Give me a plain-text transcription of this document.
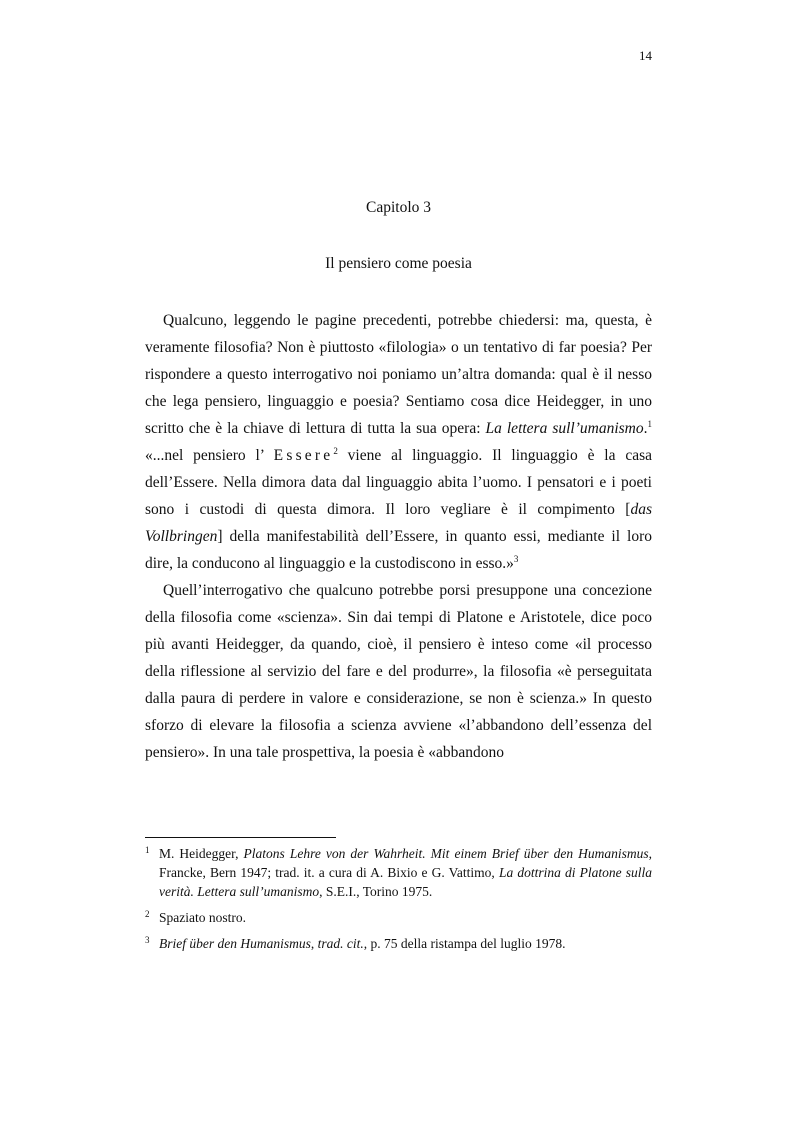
14
Capitolo 3
Il pensiero come poesia

Qualcuno, leggendo le pagine precedenti, potrebbe chiedersi: ma, questa, è veramente filosofia? Non è piuttosto «filologia» o un tentativo di far poesia? Per rispondere a questo interrogativo noi poniamo un’altra domanda: qual è il nesso che lega pensiero, linguaggio e poesia? Sentiamo cosa dice Heidegger, in uno scritto che è la chiave di lettura di tutta la sua opera: La lettera sull’umanismo.$^1$ «...nel pensiero l’ Essere$^2$ viene al linguaggio. Il linguaggio è la casa dell’Essere. Nella dimora data dal linguaggio abita l’uomo. I pensatori e i poeti sono i custodi di questa dimora. Il loro vegliare è il compimento [das Vollbringen] della manifestabilità dell’Essere, in quanto essi, mediante il loro dire, la conducono al linguaggio e la custodiscono in esso.»$^3$

Quell’interrogativo che qualcuno potrebbe porsi presuppone una concezione della filosofia come «scienza». Sin dai tempi di Platone e Aristotele, dice poco più avanti Heidegger, da quando, cioè, il pensiero è inteso come «il processo della riflessione al servizio del fare e del produrre», la filosofia «è perseguitata dalla paura di perdere in valore e considerazione, se non è scienza.» In questo sforzo di elevare la filosofia a scienza avviene «l’abbandono dell’essenza del pensiero». In una tale prospettiva, la poesia è «abbandono

1 M. Heidegger, Platons Lehre von der Wahrheit. Mit einem Brief über den Humanismus, Francke, Bern 1947; trad. it. a cura di A. Bixio e G. Vattimo, La dottrina di Platone sulla verità. Lettera sull’umanismo, S.E.I., Torino 1975.
2 Spaziato nostro.
3 Brief über den Humanismus, trad. cit., p. 75 della ristampa del luglio 1978.
